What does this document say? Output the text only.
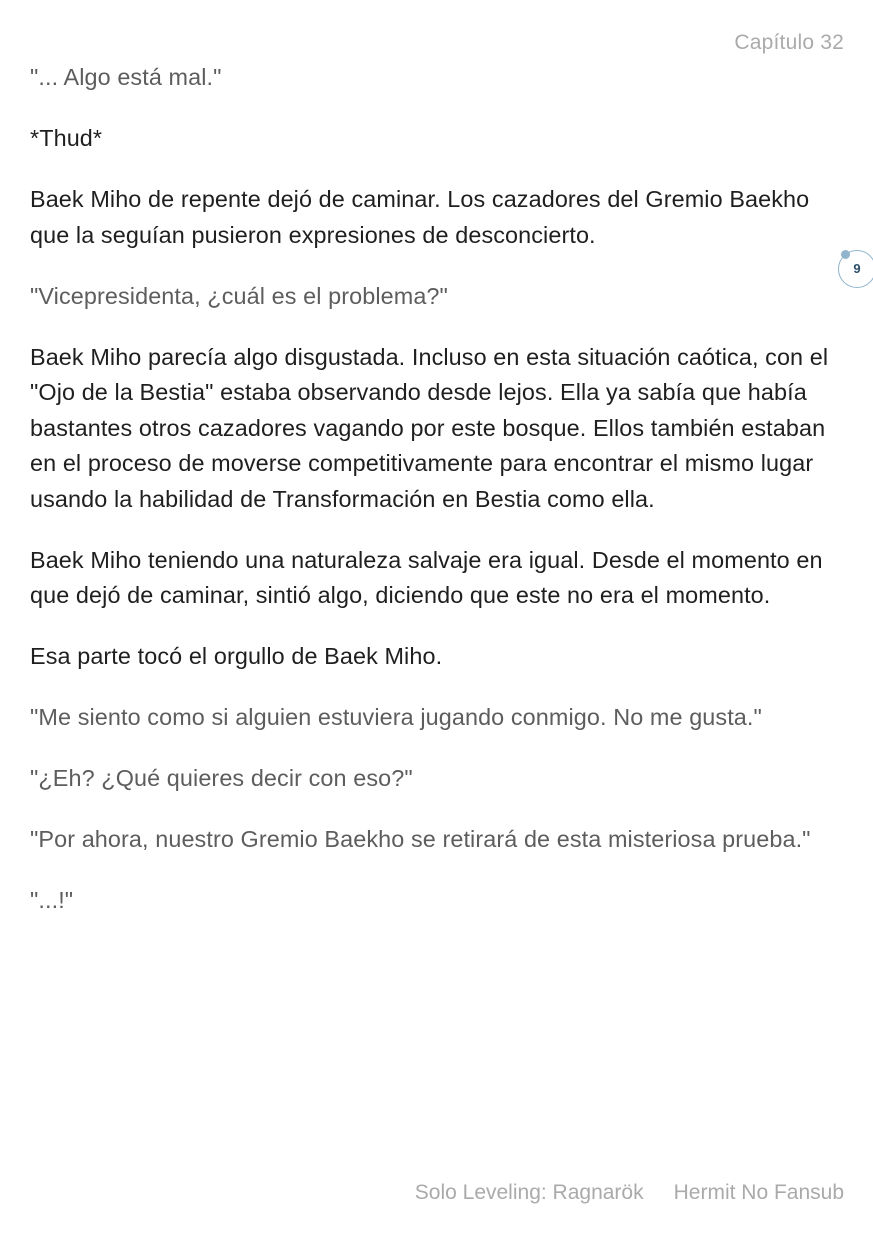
Capítulo 32

"... Algo está mal."

*Thud*

Baek Miho de repente dejó de caminar. Los cazadores del Gremio Baekho que la seguían pusieron expresiones de desconcierto.

"Vicepresidenta, ¿cuál es el problema?"

Baek Miho parecía algo disgustada. Incluso en esta situación caótica, con el "Ojo de la Bestia" estaba observando desde lejos. Ella ya sabía que había bastantes otros cazadores vagando por este bosque. Ellos también estaban en el proceso de moverse competitivamente para encontrar el mismo lugar usando la habilidad de Transformación en Bestia como ella.

Baek Miho teniendo una naturaleza salvaje era igual. Desde el momento en que dejó de caminar, sintió algo, diciendo que este no era el momento.

Esa parte tocó el orgullo de Baek Miho.

"Me siento como si alguien estuviera jugando conmigo. No me gusta."

"¿Eh? ¿Qué quieres decir con eso?"

"Por ahora, nuestro Gremio Baekho se retirará de esta misteriosa prueba."

"...!"

9
Solo Leveling: Ragnarök Hermit No Fansub
